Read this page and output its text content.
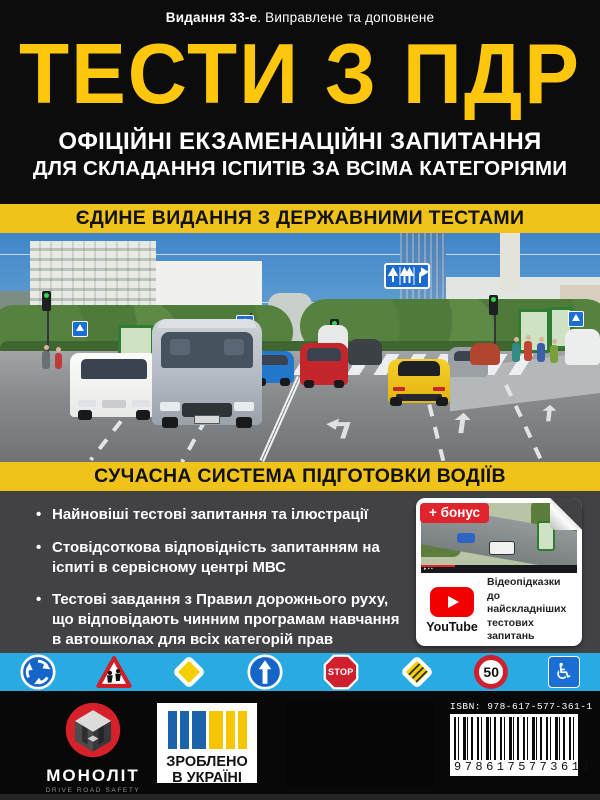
Видання 33-е. Виправлене та доповнене
ТЕСТИ З ПДР
ОФІЦІЙНІ ЕКЗАМЕНАЦІЙНІ ЗАПИТАННЯ
ДЛЯ СКЛАДАННЯ ІСПИТІВ ЗА ВСІМА КАТЕГОРІЯМИ
ЄДИНЕ ВИДАННЯ З ДЕРЖАВНИМИ ТЕСТАМИ
СУЧАСНА СИСТЕМА ПІДГОТОВКИ ВОДІЇВ
• Найновіші тестові запитання та ілюстрації
• Стовідсоткова відповідність запитанням на іспиті в сервісному центрі МВС
• Тестові завдання з Правил дорожнього руху, що відповідають чинним програмам навчання в автошколах для всіх категорій прав
+ бонус
▸ ▪ ▪
YouTube
Відеопідказки до найскладніших тестових запитань
STOP	50	♿
МОНОЛІТ
DRIVE ROAD SAFETY
ЗРОБЛЕНО
В УКРАЇНІ
ISBN: 978-617-577-361-1
9786175773611
